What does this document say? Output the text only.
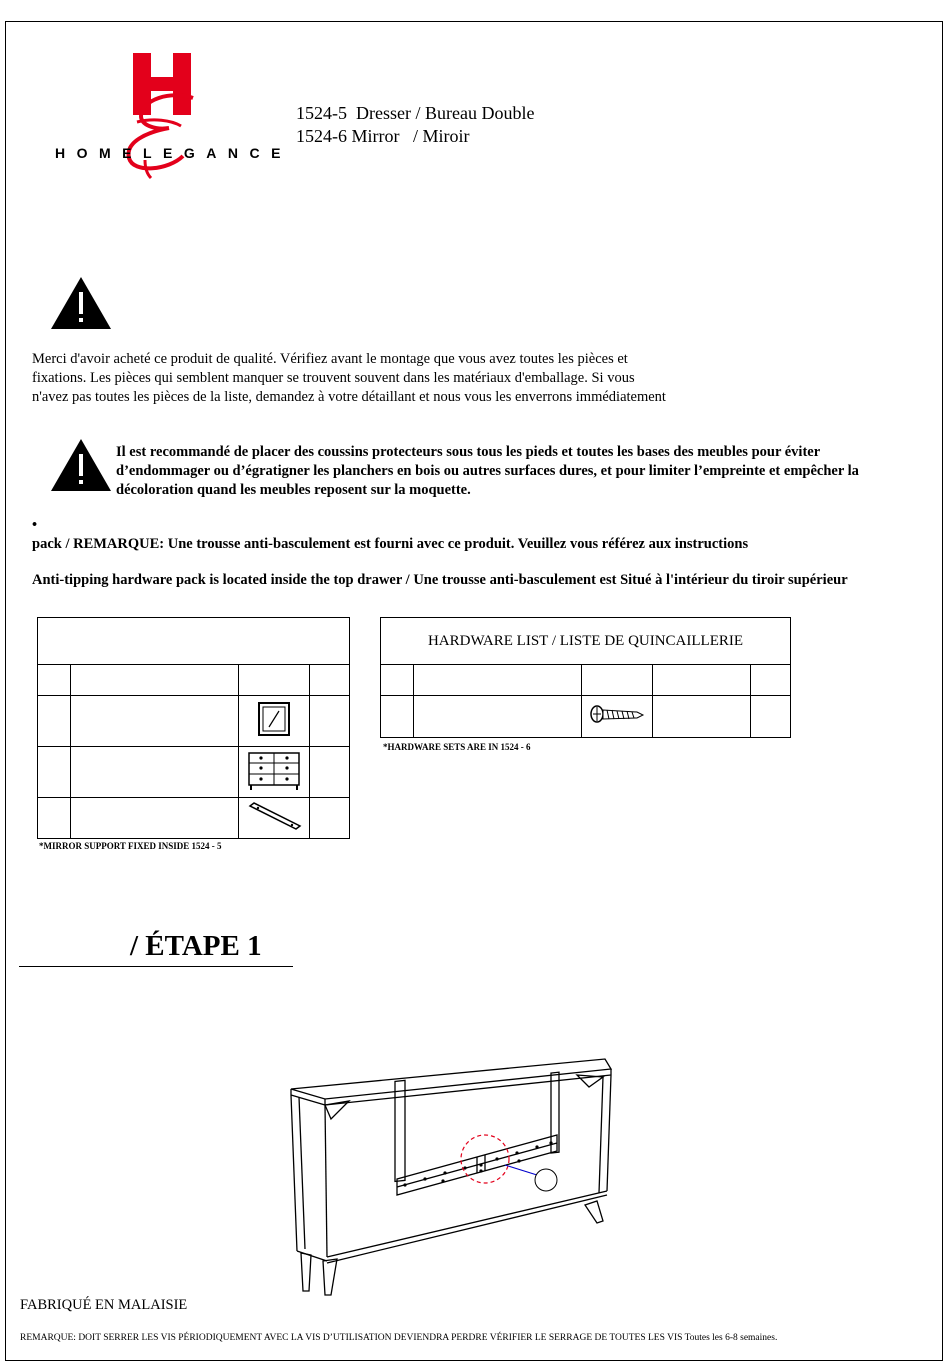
HOMELEGANCE
1524-5  Dresser / Bureau Double
1524-6 Mirror   / Miroir
Merci d'avoir acheté ce produit de qualité. Vérifiez avant le montage que vous avez toutes les pièces et fixations. Les pièces qui semblent manquer se trouvent souvent dans les matériaux d'emballage. Si vous n'avez pas toutes les pièces de la liste, demandez à votre détaillant et nous vous les enverrons immédiatement
Il est recommandé de placer des coussins protecteurs sous tous les pieds et toutes les bases des meubles pour éviter d’endommager ou d’égratigner les planchers en bois ou autres surfaces dures, et pour limiter l’empreinte et empêcher la décoloration quand les meubles reposent sur la moquette.
•
pack / REMARQUE: Une trousse anti-basculement est fourni avec ce produit. Veuillez vous référez aux instructions
Anti-tipping hardware pack is located inside the top drawer / Une trousse anti-basculement est Situé à l'intérieur du tiroir supérieur

*MIRROR SUPPORT FIXED INSIDE 1524 - 5
HARDWARE LIST / LISTE DE QUINCAILLERIE				

*HARDWARE SETS ARE IN 1524 - 6
/ ÉTAPE 1
FABRIQUÉ EN MALAISIE
REMARQUE: DOIT SERRER LES VIS PÉRIODIQUEMENT AVEC LA VIS D’UTILISATION DEVIENDRA PERDRE VÉRIFIER LE SERRAGE DE TOUTES LES VIS Toutes les 6-8 semaines.
